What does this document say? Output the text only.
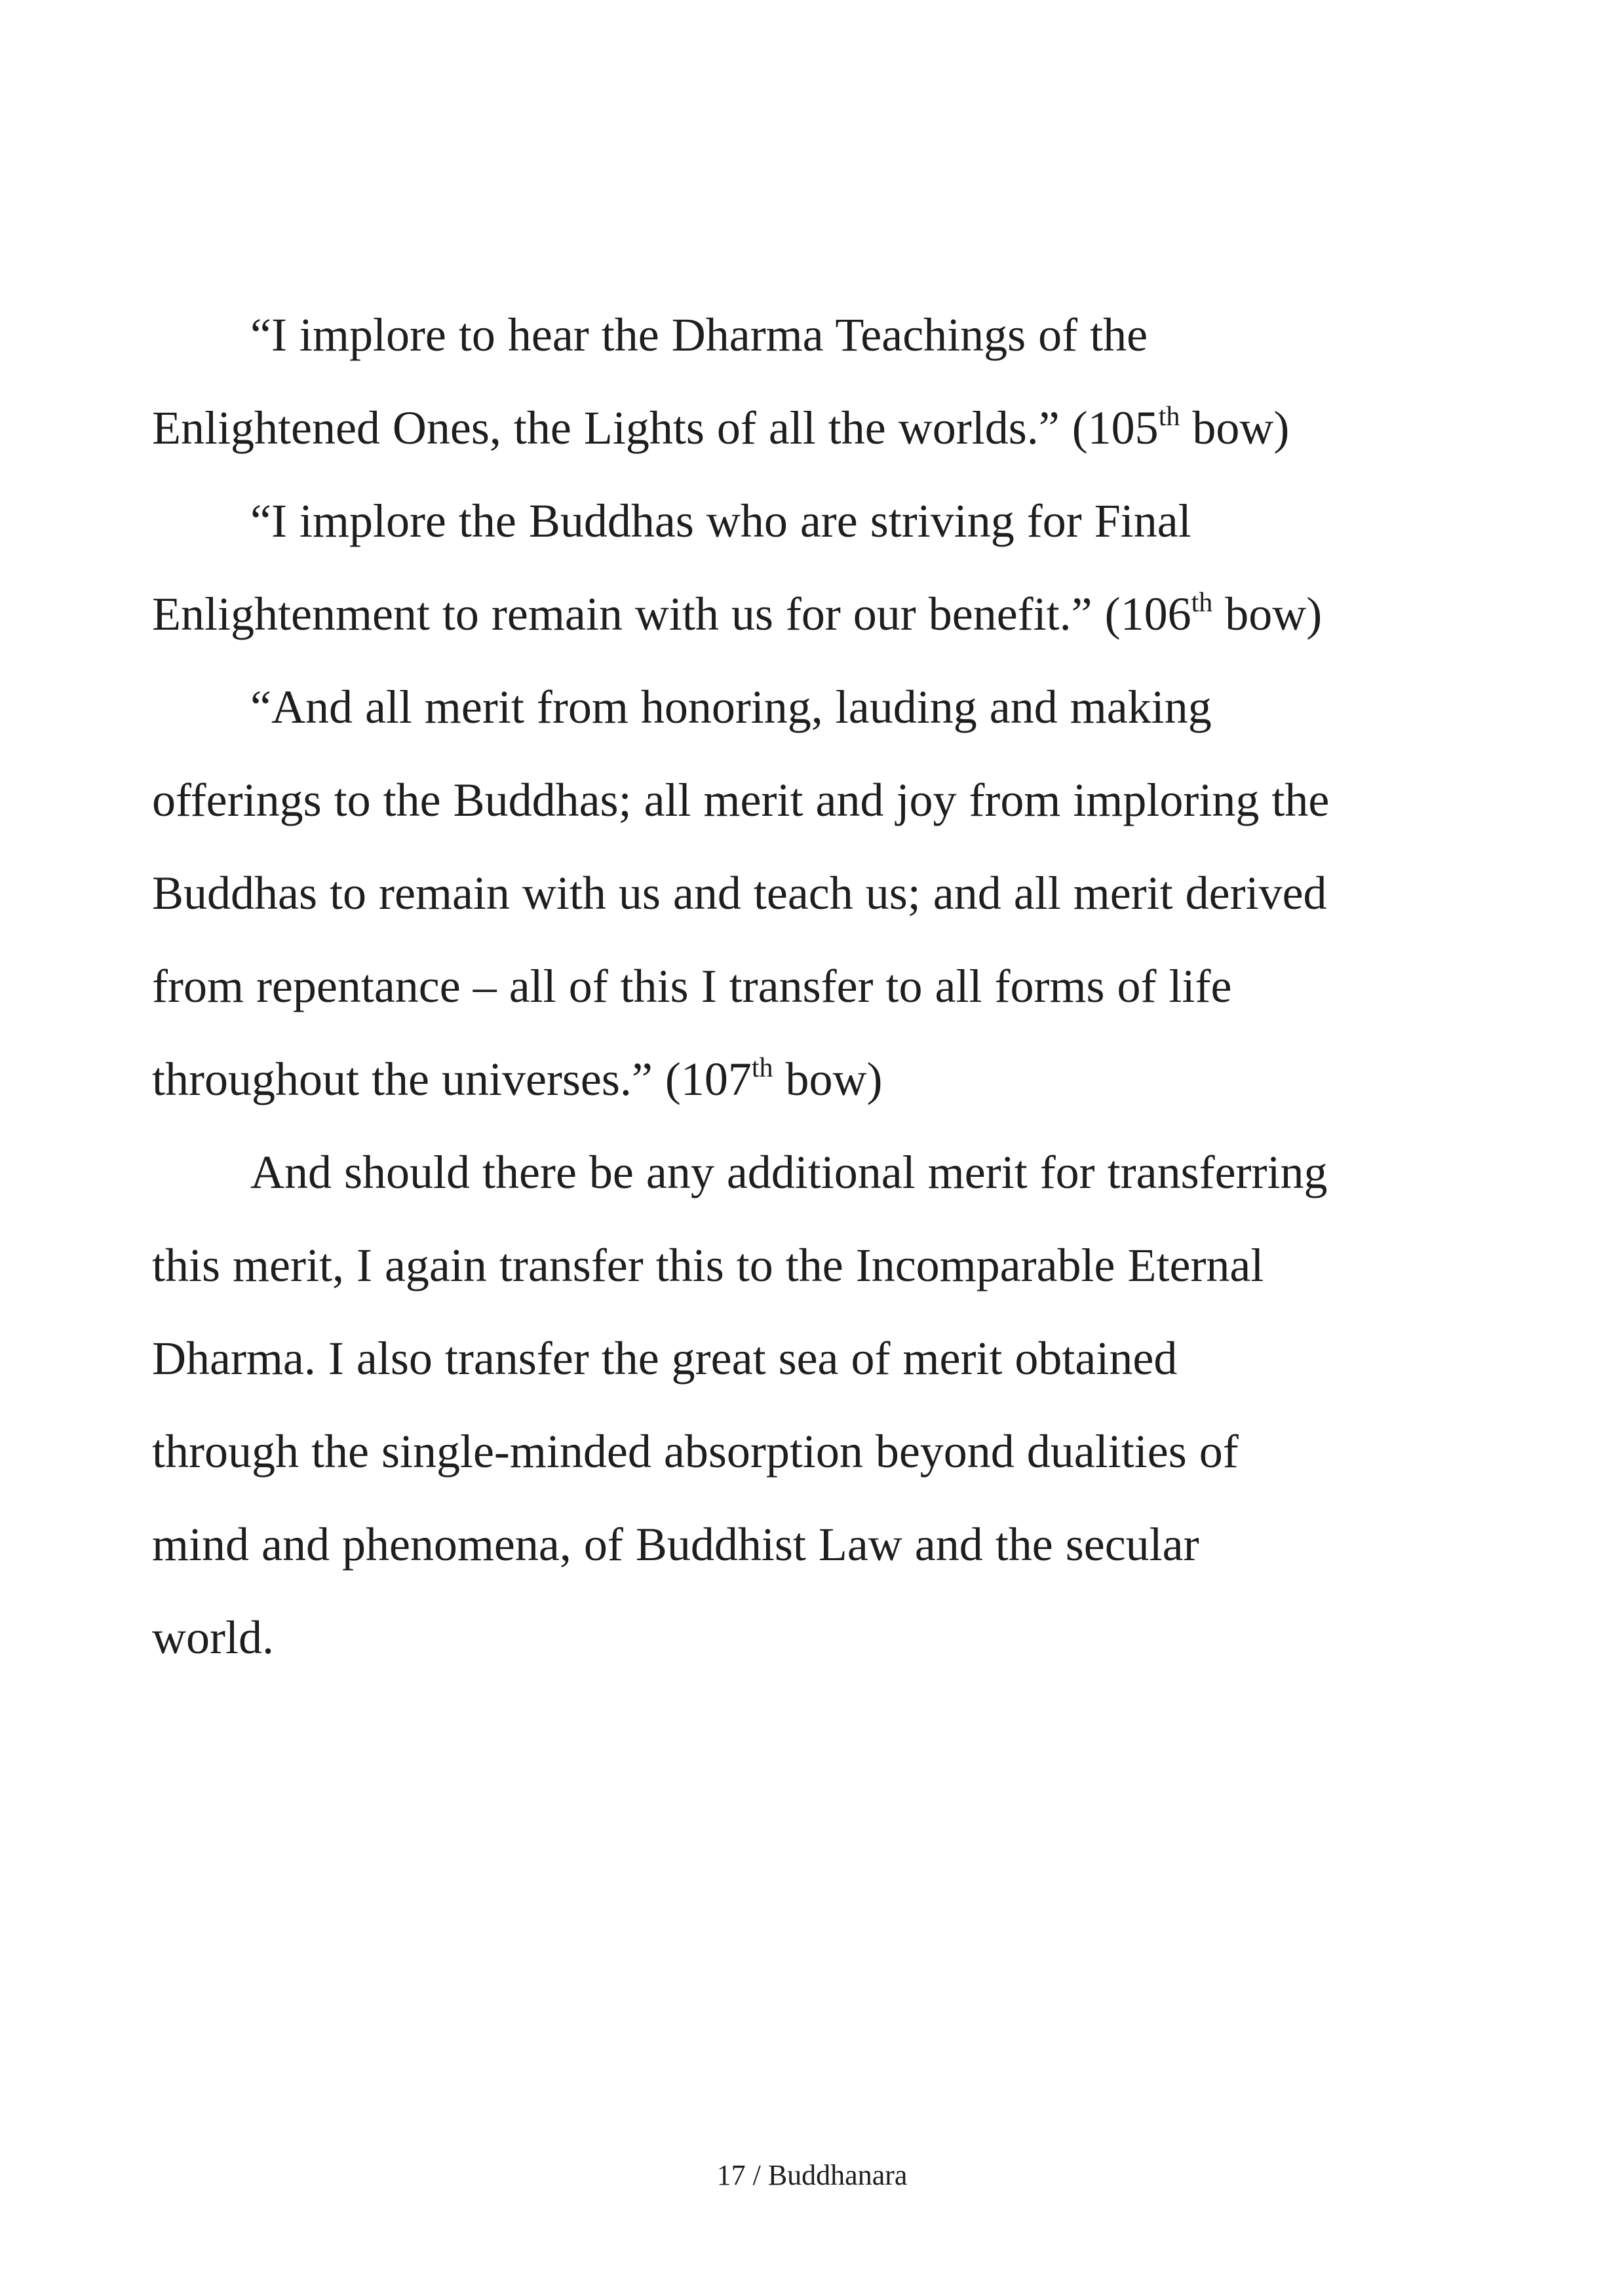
“I implore to hear the Dharma Teachings of the Enlightened Ones, the Lights of all the worlds.” (105th bow)

“I implore the Buddhas who are striving for Final Enlightenment to remain with us for our benefit.” (106th bow)

“And all merit from honoring, lauding and making offerings to the Buddhas; all merit and joy from imploring the Buddhas to remain with us and teach us; and all merit derived from repentance – all of this I transfer to all forms of life throughout the universes.” (107th bow)

And should there be any additional merit for transferring this merit, I again transfer this to the Incomparable Eternal Dharma. I also transfer the great sea of merit obtained through the single-minded absorption beyond dualities of mind and phenomena, of Buddhist Law and the secular world.

17 / Buddhanara
